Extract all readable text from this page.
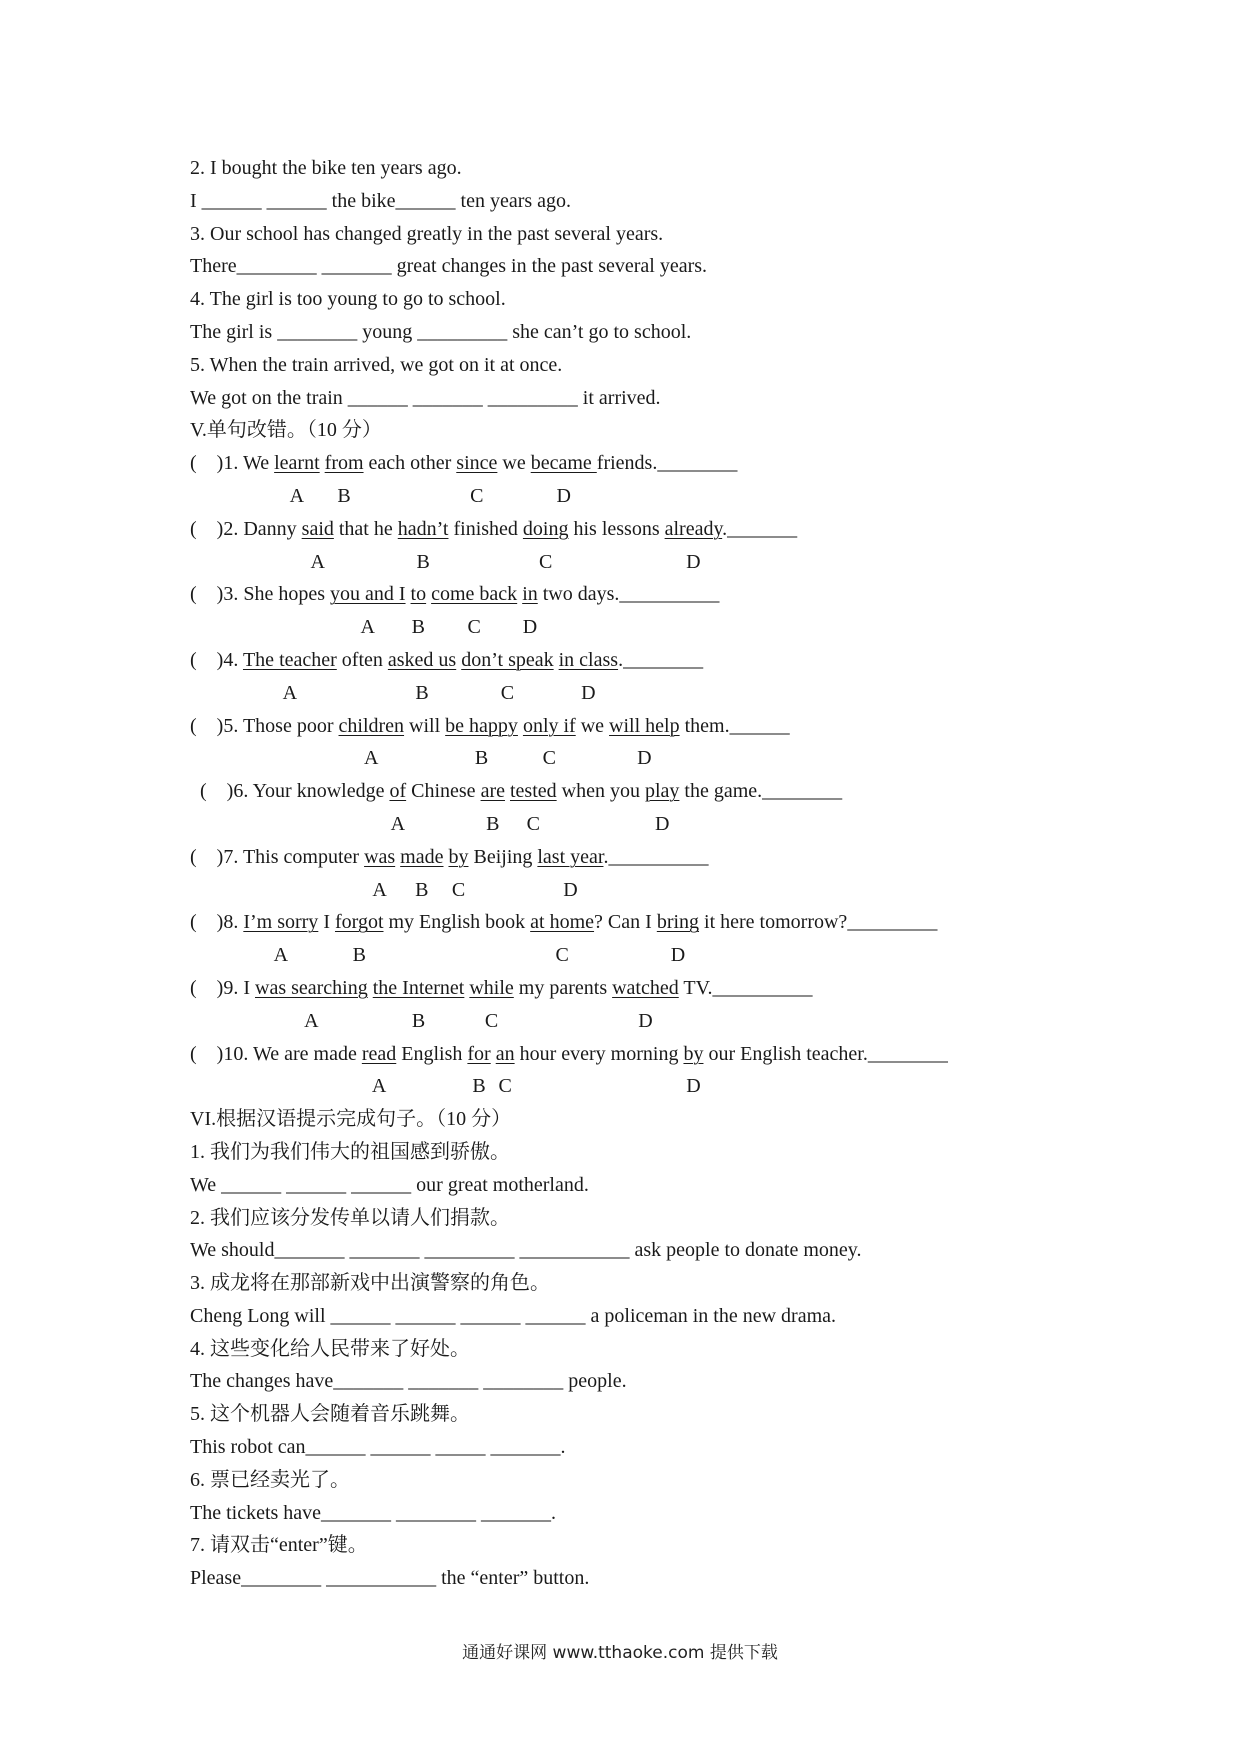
2. I bought the bike ten years ago.
I ______ ______ the bike______ ten years ago.
3. Our school has changed greatly in the past several years.
There________ _______ great changes in the past several years.
4. The girl is too young to go to school.
The girl is ________ young _________ she can’t go to school.
5. When the train arrived, we got on it at once.
We got on the train ______ _______ _________ it arrived.
V.单句改错。（10 分）
(    )1. We learnt from each other since we became friends.________
A B	C	D
(    )2. Danny said that he hadn’t finished doing his lessons already._______
A	B	C	D
(    )3. She hopes you and I to come back in two days.__________
A B C D
(    )4. The teacher often asked us don’t speak in class.________
A	B	C	D
(    )5. Those poor children will be happy only if we will help them.______
A	B	C	D
(    )6. Your knowledge of Chinese are tested when you play the game.________
A	B C	D
(    )7. This computer was made by Beijing last year.__________
A B C	D
(    )8. I’m sorry I forgot my English book at home? Can I bring it here tomorrow?_________
A	B	C	D
(    )9. I was searching the Internet while my parents watched TV.__________
A	B	C	D
(    )10. We are made read English for an hour every morning by our English teacher.________
A	B C	D
VI.根据汉语提示完成句子。（10 分）
1. 我们为我们伟大的祖国感到骄傲。
We ______ ______ ______ our great motherland.
2. 我们应该分发传单以请人们捐款。
We should_______ _______ _________ ___________ ask people to donate money.
3. 成龙将在那部新戏中出演警察的角色。
Cheng Long will ______ ______ ______ ______ a policeman in the new drama.
4. 这些变化给人民带来了好处。
The changes have_______ _______ ________ people.
5. 这个机器人会随着音乐跳舞。
This robot can______ ______ _____ _______.
6. 票已经卖光了。
The tickets have_______ ________ _______.
7. 请双击“enter”键。
Please________ ___________ the “enter” button.
通通好课网 www.tthaoke.com 提供下载
